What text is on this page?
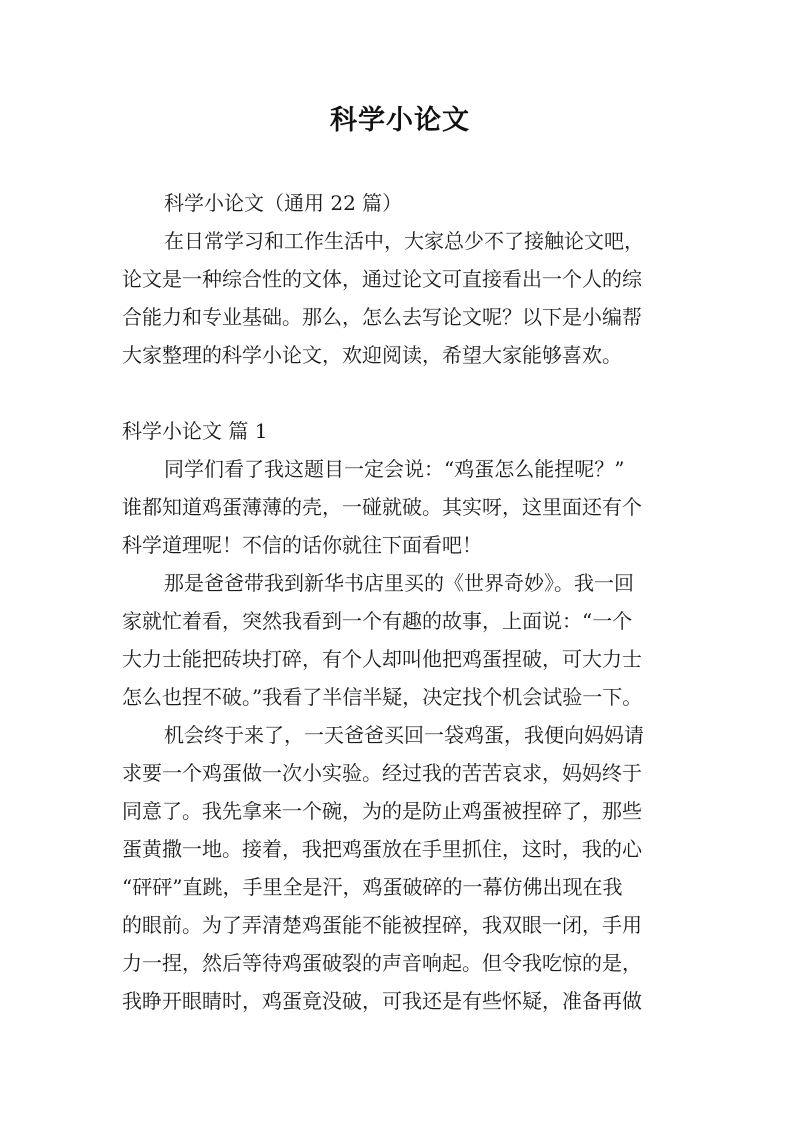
科学小论文
科学小论文（通用 22 篇）
在日常学习和工作生活中，大家总少不了接触论文吧，
论文是一种综合性的文体，通过论文可直接看出一个人的综
合能力和专业基础。那么，怎么去写论文呢？以下是小编帮
大家整理的科学小论文，欢迎阅读，希望大家能够喜欢。
科学小论文 篇 1
同学们看了我这题目一定会说：“鸡蛋怎么能捏呢？”
谁都知道鸡蛋薄薄的壳，一碰就破。其实呀，这里面还有个
科学道理呢！不信的话你就往下面看吧！
那是爸爸带我到新华书店里买的《世界奇妙》。我一回
家就忙着看，突然我看到一个有趣的故事，上面说：“一个
大力士能把砖块打碎，有个人却叫他把鸡蛋捏破，可大力士
怎么也捏不破。”我看了半信半疑，决定找个机会试验一下。
机会终于来了，一天爸爸买回一袋鸡蛋，我便向妈妈请
求要一个鸡蛋做一次小实验。经过我的苦苦哀求，妈妈终于
同意了。我先拿来一个碗，为的是防止鸡蛋被捏碎了，那些
蛋黄撒一地。接着，我把鸡蛋放在手里抓住，这时，我的心
“砰砰”直跳，手里全是汗，鸡蛋破碎的一幕仿佛出现在我
的眼前。为了弄清楚鸡蛋能不能被捏碎，我双眼一闭，手用
力一捏，然后等待鸡蛋破裂的声音响起。但令我吃惊的是，
我睁开眼睛时，鸡蛋竟没破，可我还是有些怀疑，准备再做
